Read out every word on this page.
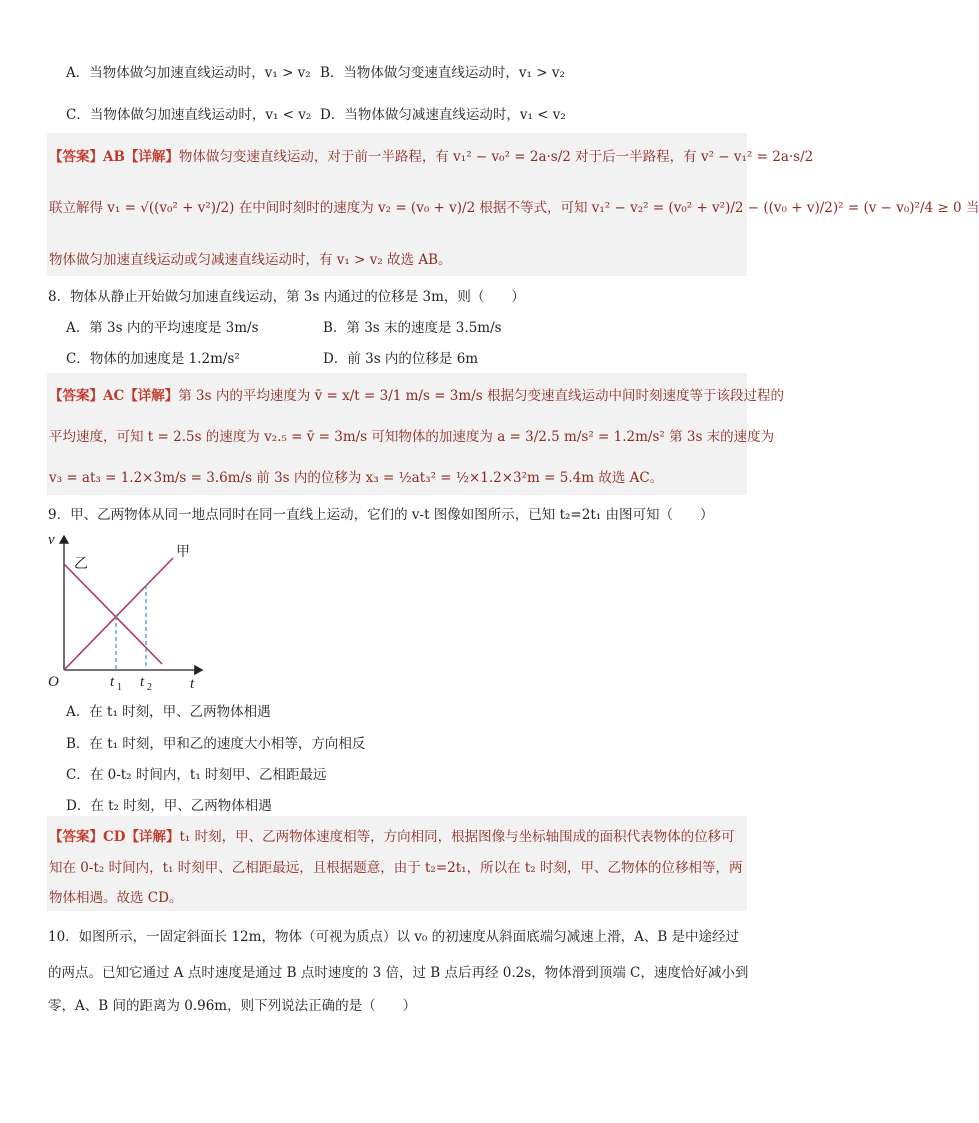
A．当物体做匀加速直线运动时，v₁ > v₂ B．当物体做匀变速直线运动时，v₁ > v₂
C．当物体做匀加速直线运动时，v₁ < v₂ D．当物体做匀减速直线运动时，v₁ < v₂
【答案】AB【详解】物体做匀变速直线运动，对于前一半路程，有 v₁² − v₀² = 2a·s/2 对于后一半路程，有 v² − v₁² = 2a·s/2
联立解得 v₁ = √((v₀² + v²)/2) 在中间时刻时的速度为 v₂ = (v₀ + v)/2 根据不等式，可知 v₁² − v₂² = (v₀² + v²)/2 − ((v₀ + v)/2)² = (v − v₀)²/4 ≥ 0 当
物体做匀加速直线运动或匀减速直线运动时，有 v₁ > v₂ 故选 AB。
8．物体从静止开始做匀加速直线运动，第 3s 内通过的位移是 3m，则（　　）
A．第 3s 内的平均速度是 3m/s	B．第 3s 末的速度是 3.5m/s
C．物体的加速度是 1.2m/s²	D．前 3s 内的位移是 6m
【答案】AC【详解】第 3s 内的平均速度为 v̄ = x/t = 3/1 m/s = 3m/s 根据匀变速直线运动中间时刻速度等于该段过程的
平均速度，可知 t = 2.5s 的速度为 v₂.₅ = v̄ = 3m/s 可知物体的加速度为 a = 3/2.5 m/s² = 1.2m/s² 第 3s 末的速度为
v₃ = at₃ = 1.2×3m/s = 3.6m/s 前 3s 内的位移为 x₃ = ½at₃² = ½×1.2×3²m = 5.4m 故选 AC。
9．甲、乙两物体从同一地点同时在同一直线上运动，它们的 v-t 图像如图所示，已知 t₂=2t₁ 由图可知（　　）
v
t
O
甲
乙
t 1 t 2
A．在 t₁ 时刻，甲、乙两物体相遇
B．在 t₁ 时刻，甲和乙的速度大小相等，方向相反
C．在 0-t₂ 时间内，t₁ 时刻甲、乙相距最远
D．在 t₂ 时刻，甲、乙两物体相遇
【答案】CD【详解】t₁ 时刻，甲、乙两物体速度相等，方向相同，根据图像与坐标轴围成的面积代表物体的位移可
知在 0-t₂ 时间内，t₁ 时刻甲、乙相距最远，且根据题意，由于 t₂=2t₁，所以在 t₂ 时刻，甲、乙物体的位移相等，两
物体相遇。故选 CD。
10．如图所示，一固定斜面长 12m，物体（可视为质点）以 v₀ 的初速度从斜面底端匀减速上滑，A、B 是中途经过
的两点。已知它通过 A 点时速度是通过 B 点时速度的 3 倍，过 B 点后再经 0.2s，物体滑到顶端 C，速度恰好减小到
零，A、B 间的距离为 0.96m，则下列说法正确的是（　　）
